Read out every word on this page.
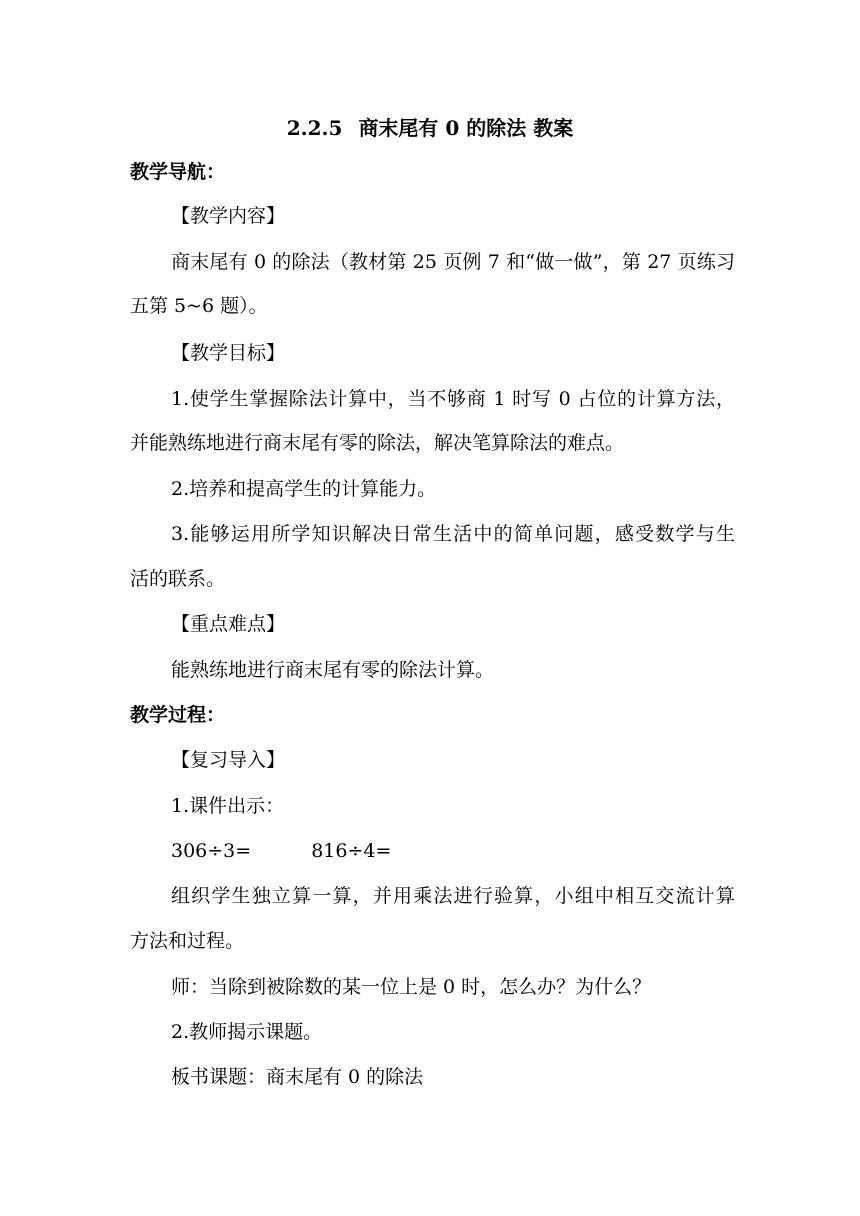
2.2.5 商末尾有 0 的除法 教案
教学导航：
【教学内容】
商末尾有 0 的除法（教材第 25 页例 7 和“做一做”，第 27 页练习
五第 5~6 题）。
【教学目标】
1.使学生掌握除法计算中，当不够商 1 时写 0 占位的计算方法，
并能熟练地进行商末尾有零的除法，解决笔算除法的难点。
2.培养和提高学生的计算能力。
3.能够运用所学知识解决日常生活中的简单问题，感受数学与生
活的联系。
【重点难点】
能熟练地进行商末尾有零的除法计算。
教学过程：
【复习导入】
1.课件出示：
306÷3=	816÷4=
组织学生独立算一算，并用乘法进行验算，小组中相互交流计算
方法和过程。
师：当除到被除数的某一位上是 0 时，怎么办？为什么？
2.教师揭示课题。
板书课题：商末尾有 0 的除法
